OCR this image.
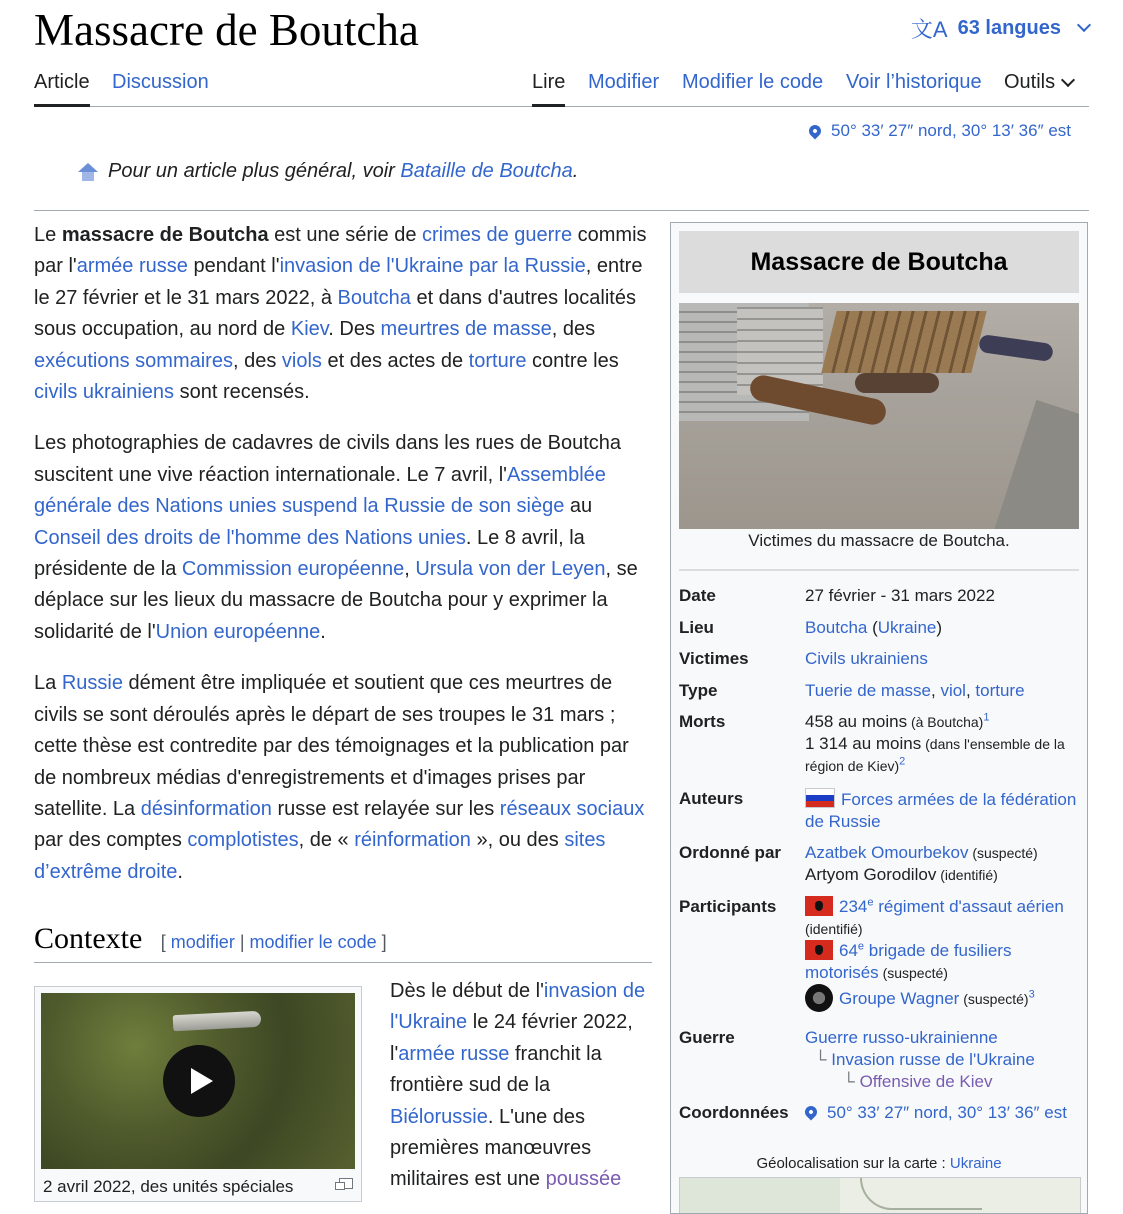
Massacre de Boutcha	文A 63 langues
Article Discussion	Lire Modifier Modifier le code Voir l’historique Outils
50° 33′ 27″ nord, 30° 13′ 36″ est
Pour un article plus général, voir Bataille de Boutcha.

Le massacre de Boutcha est une série de crimes de guerre commis par l'armée russe pendant l'invasion de l'Ukraine par la Russie, entre le 27 février et le 31 mars 2022, à Boutcha et dans d'autres localités sous occupation, au nord de Kiev. Des meurtres de masse, des exécutions sommaires, des viols et des actes de torture contre les civils ukrainiens sont recensés.

Les photographies de cadavres de civils dans les rues de Boutcha suscitent une vive réaction internationale. Le 7 avril, l'Assemblée générale des Nations unies suspend la Russie de son siège au Conseil des droits de l'homme des Nations unies. Le 8 avril, la présidente de la Commission européenne, Ursula von der Leyen, se déplace sur les lieux du massacre de Boutcha pour y exprimer la solidarité de l'Union européenne.

La Russie dément être impliquée et soutient que ces meurtres de civils se sont déroulés après le départ de ses troupes le 31 mars ; cette thèse est contredite par des témoignages et la publication par de nombreux médias d'enregistrements et d'images prises par satellite. La désinformation russe est relayée sur les réseaux sociaux par des comptes complotistes, de « réinformation », ou des sites d’extrême droite.

Contexte [ modifier | modifier le code ]
2 avril 2022, des unités spéciales

Dès le début de l'invasion de l'Ukraine le 24 février 2022, l'armée russe franchit la frontière sud de la Biélorussie. L'une des premières manœuvres militaires est une poussée

Massacre de Boutcha
Victimes du massacre de Boutcha.
Date	27 février - 31 mars 2022
Lieu	Boutcha (Ukraine)
Victimes	Civils ukrainiens
Type	Tuerie de masse, viol, torture
Morts	458 au moins (à Boutcha)$^1$
1 314 au moins (dans l'ensemble de la région de Kiev)$^2$
Auteurs	Forces armées de la fédération de Russie
Ordonné par Azatbek Omourbekov (suspecté)
Artyom Gorodilov (identifié)
Participants	234e régiment d'assaut aérien
(identifié)
64e brigade de fusiliers motorisés (suspecté)
Groupe Wagner (suspecté)$^3$
Guerre	Guerre russo-ukrainienne
└ Invasion russe de l'Ukraine
└ Offensive de Kiev
Coordonnées	50° 33′ 27″ nord, 30° 13′ 36″ est
Géolocalisation sur la carte : Ukraine
